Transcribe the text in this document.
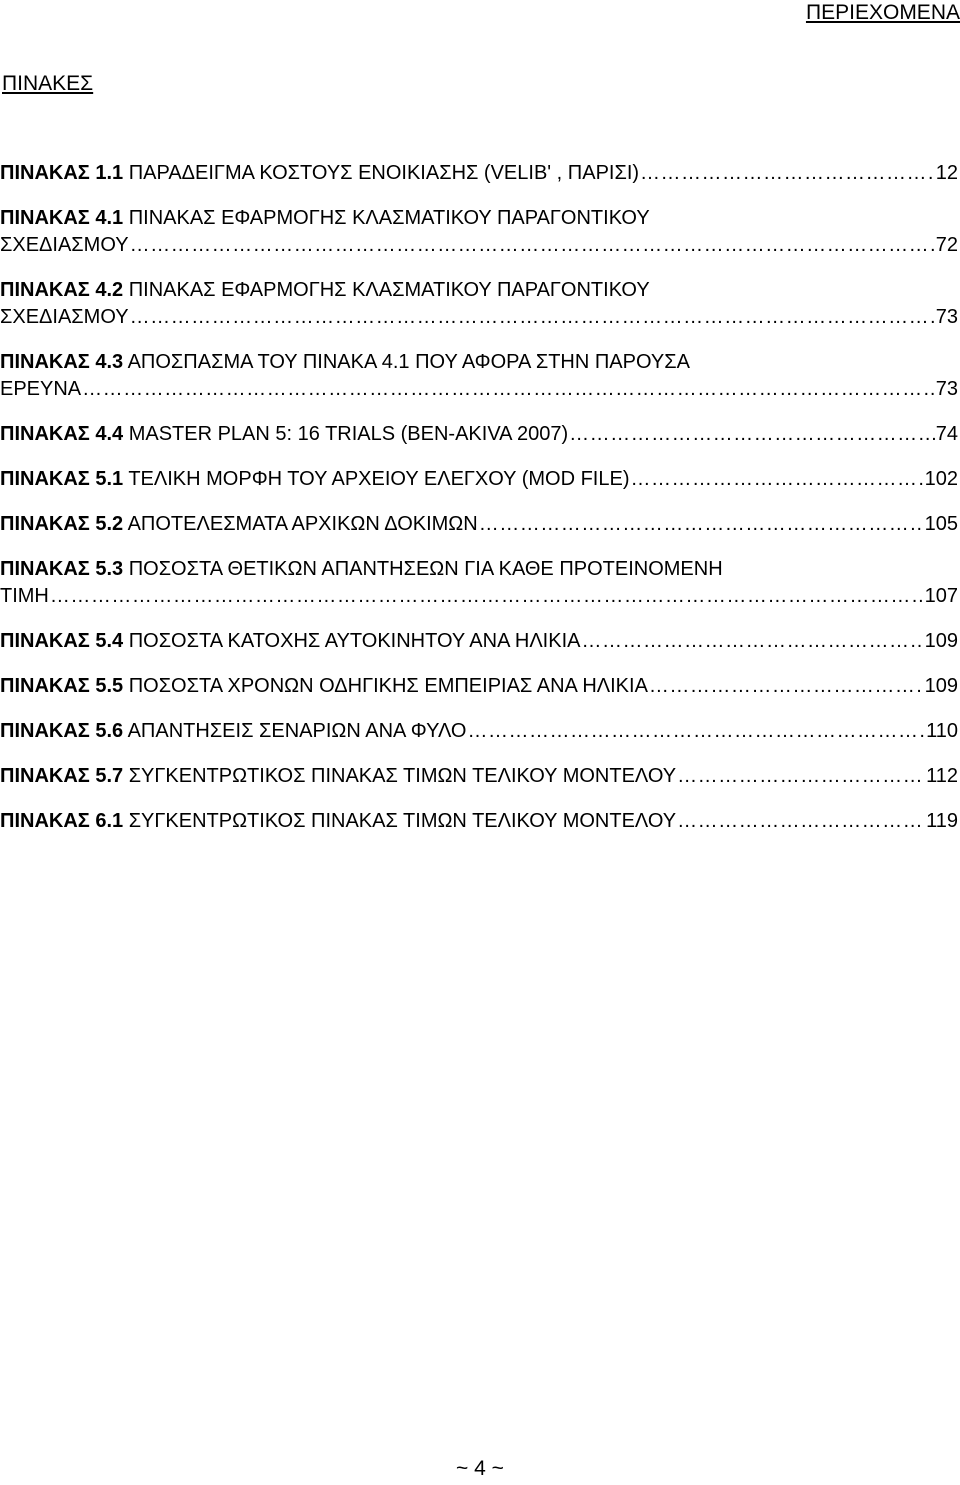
ΠΕΡΙΕΧΟΜΕΝΑ
ΠΙΝΑΚΕΣ
ΠΙΝΑΚΑΣ 1.1 ΠΑΡΑΔΕΙΓΜΑ ΚΟΣΤΟΥΣ ΕΝΟΙΚΙΑΣΗΣ (VELIB' , ΠΑΡΙΣΙ) ………………………………………………………………………………………………………………………………………………………………	12
ΠΙΝΑΚΑΣ 4.1 ΠΙΝΑΚΑΣ ΕΦΑΡΜΟΓΗΣ ΚΛΑΣΜΑΤΙΚΟΥ ΠΑΡΑΓΟΝΤΙΚΟΥ
ΣΧΕΔΙΑΣΜΟΥ ………………………………………………………………………………………………………………………………………………………………	72
ΠΙΝΑΚΑΣ 4.2 ΠΙΝΑΚΑΣ ΕΦΑΡΜΟΓΗΣ ΚΛΑΣΜΑΤΙΚΟΥ ΠΑΡΑΓΟΝΤΙΚΟΥ
ΣΧΕΔΙΑΣΜΟΥ ………………………………………………………………………………………………………………………………………………………………	73
ΠΙΝΑΚΑΣ 4.3 ΑΠΟΣΠΑΣΜΑ ΤΟΥ ΠΙΝΑΚΑ 4.1 ΠΟΥ ΑΦΟΡΑ ΣΤΗΝ ΠΑΡΟΥΣΑ
ΕΡΕΥΝΑ ………………………………………………………………………………………………………………………………………………………………	73
ΠΙΝΑΚΑΣ 4.4 MASTER PLAN 5: 16 TRIALS (BEN-AKIVA 2007) ………………………………………………………………………………………………………………………………………………………………	74
ΠΙΝΑΚΑΣ 5.1 ΤΕΛΙΚΗ ΜΟΡΦΗ ΤΟΥ ΑΡΧΕΙΟΥ ΕΛΕΓΧΟΥ (MOD FILE) ………………………………………………………………………………………………………………………………………………………………	102
ΠΙΝΑΚΑΣ 5.2 ΑΠΟΤΕΛΕΣΜΑΤΑ ΑΡΧΙΚΩΝ ΔΟΚΙΜΩΝ ………………………………………………………………………………………………………………………………………………………………	105
ΠΙΝΑΚΑΣ 5.3 ΠΟΣΟΣΤΑ ΘΕΤΙΚΩΝ ΑΠΑΝΤΗΣΕΩΝ ΓΙΑ ΚΑΘΕ ΠΡΟΤΕΙΝΟΜΕΝΗ
ΤΙΜΗ ………………………………………………………………………………………………………………………………………………………………	107
ΠΙΝΑΚΑΣ 5.4 ΠΟΣΟΣΤΑ ΚΑΤΟΧΗΣ ΑΥΤΟΚΙΝΗΤΟΥ ΑΝΑ ΗΛΙΚΙΑ ………………………………………………………………………………………………………………………………………………………………	109
ΠΙΝΑΚΑΣ 5.5 ΠΟΣΟΣΤΑ ΧΡΟΝΩΝ ΟΔΗΓΙΚΗΣ ΕΜΠΕΙΡΙΑΣ ΑΝΑ ΗΛΙΚΙΑ ………………………………………………………………………………………………………………………………………………………………	109
ΠΙΝΑΚΑΣ 5.6 ΑΠΑΝΤΗΣΕΙΣ ΣΕΝΑΡΙΩΝ ΑΝΑ ΦΥΛΟ ………………………………………………………………………………………………………………………………………………………………	110
ΠΙΝΑΚΑΣ 5.7 ΣΥΓΚΕΝΤΡΩΤΙΚΟΣ ΠΙΝΑΚΑΣ ΤΙΜΩΝ ΤΕΛΙΚΟΥ ΜΟΝΤΕΛΟΥ ………………………………………………………………………………………………………………………………………………………………	112
ΠΙΝΑΚΑΣ 6.1 ΣΥΓΚΕΝΤΡΩΤΙΚΟΣ ΠΙΝΑΚΑΣ ΤΙΜΩΝ ΤΕΛΙΚΟΥ ΜΟΝΤΕΛΟΥ ………………………………………………………………………………………………………………………………………………………………	119
~ 4 ~
